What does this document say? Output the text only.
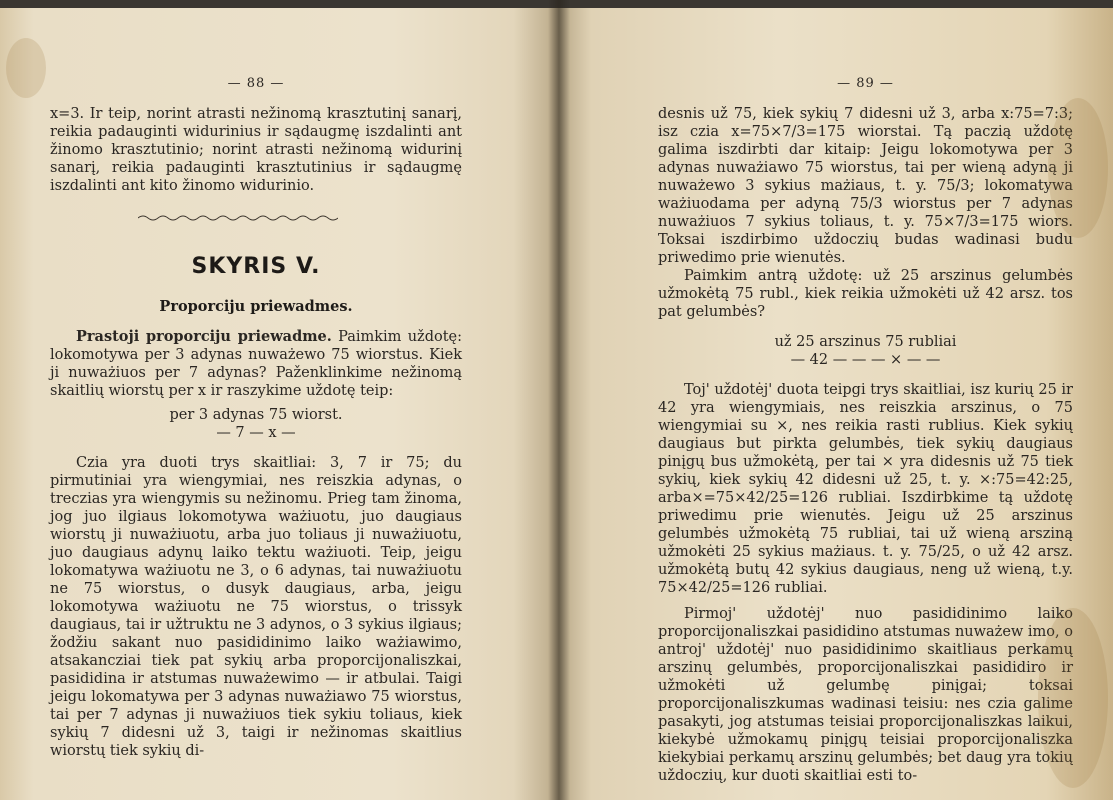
— 88 —

x=3. Ir teip, norint atrasti nežinomą krasztutinį sanarį, reikia padauginti widurinius ir sądaugmę iszdalinti ant žinomo krasztutinio; norint atrasti nežinomą widurinį sanarį, reikia padauginti krasztutinius ir sądaugmę iszdalinti ant kito žinomo widurinio.

SKYRIS V.
Proporciju priewadmes.

Prastoji proporciju priewadme. Paimkim uždotę: lokomotywa per 3 adynas nuważewo 75 wiorstus. Kiek ji nuważiuos per 7 adynas? Paženklinkime nežinomą skaitlių wiorstų per x ir raszykime uždotę teip:

per 3 adynas 75 wiorst.
— 7 — x —

Czia yra duoti trys skaitliai: 3, 7 ir 75; du pirmutiniai yra wiengymiai, nes reiszkia adynas, o treczias yra wiengymis su nežinomu. Prieg tam žinoma, jog juo ilgiaus lokomotywa ważiuotu, juo daugiaus wiorstų ji nuważiuotu, arba juo toliaus ji nuważiuotu, juo daugiaus adynų laiko tektu ważiuoti. Teip, jeigu lokomatywa ważiuotu ne 3, o 6 adynas, tai nuważiuotu ne 75 wiorstus, o dusyk daugiaus, arba, jeigu lokomotywa ważiuotu ne 75 wiorstus, o trissyk daugiaus, tai ir užtruktu ne 3 adynos, o 3 sykius ilgiaus; žodžiu sakant nuo pasididinimo laiko ważiawimo, atsakancziai tiek pat sykių arba proporcijonaliszkai, pasididina ir atstumas nuważewimo — ir atbulai. Taigi jeigu lokomatywa per 3 adynas nuważiawo 75 wiorstus, tai per 7 adynas ji nuważiuos tiek sykiu toliaus, kiek sykių 7 didesni už 3, taigi ir nežinomas skaitlius wiorstų tiek sykių di-

— 89 —

desnis už 75, kiek sykių 7 didesni už 3, arba x:75=7:3; isz czia x=75×7/3=175 wiorstai. Tą paczią uždotę galima iszdirbti dar kitaip: Jeigu lokomotywa per 3 adynas nuważiawo 75 wiorstus, tai per wieną adyną ji nuważewo 3 sykius mażiaus, t. y. 75/3; lokomatywa ważiuodama per adyną 75/3 wiorstus per 7 adynas nuważiuos 7 sykius toliaus, t. y. 75×7/3=175 wiors. Toksai iszdirbimo uždoczių budas wadinasi budu priwedimo prie wienutės.

Paimkim antrą uždotę: už 25 arszinus gelumbės užmokėtą 75 rubl., kiek reikia užmokėti už 42 arsz. tos pat gelumbės?

už 25 arszinus 75 rubliai
— 42 — — — × — —

Toj' uždotėj' duota teipgi trys skaitliai, isz kurių 25 ir 42 yra wiengymiais, nes reiszkia arszinus, o 75 wiengymiai su ×, nes reikia rasti rublius. Kiek sykių daugiaus but pirkta gelumbės, tiek sykių daugiaus pinįgų bus užmokėtą, per tai × yra didesnis už 75 tiek sykių, kiek sykių 42 didesni už 25, t. y. ×:75=42:25, arba×=75×42/25=126 rubliai. Iszdirbkime tą uždotę priwedimu prie wienutės. Jeigu už 25 arszinus gelumbės užmokėtą 75 rubliai, tai už wieną arsziną užmokėti 25 sykius mażiaus. t. y. 75/25, o už 42 arsz. užmokėtą butų 42 sykius daugiaus, neng už wieną, t.y. 75×42/25=126 rubliai.

Pirmoj' uždotėj' nuo pasididinimo laiko proporcijonaliszkai pasididino atstumas nuważew imo, o antroj' uždotėj' nuo pasididinimo skaitliaus perkamų arszinų gelumbės, proporcijonaliszkai pasididiro ir užmokėti už gelumbę pinįgai; toksai proporcijonaliszkumas wadinasi teisiu: nes czia galime pasakyti, jog atstumas teisiai proporcijonaliszkas laikui, kiekybė užmokamų pinįgų teisiai proporcijonaliszka kiekybiai perkamų arszinų gelumbės; bet daug yra tokių uždoczių, kur duoti skaitliai esti to-
